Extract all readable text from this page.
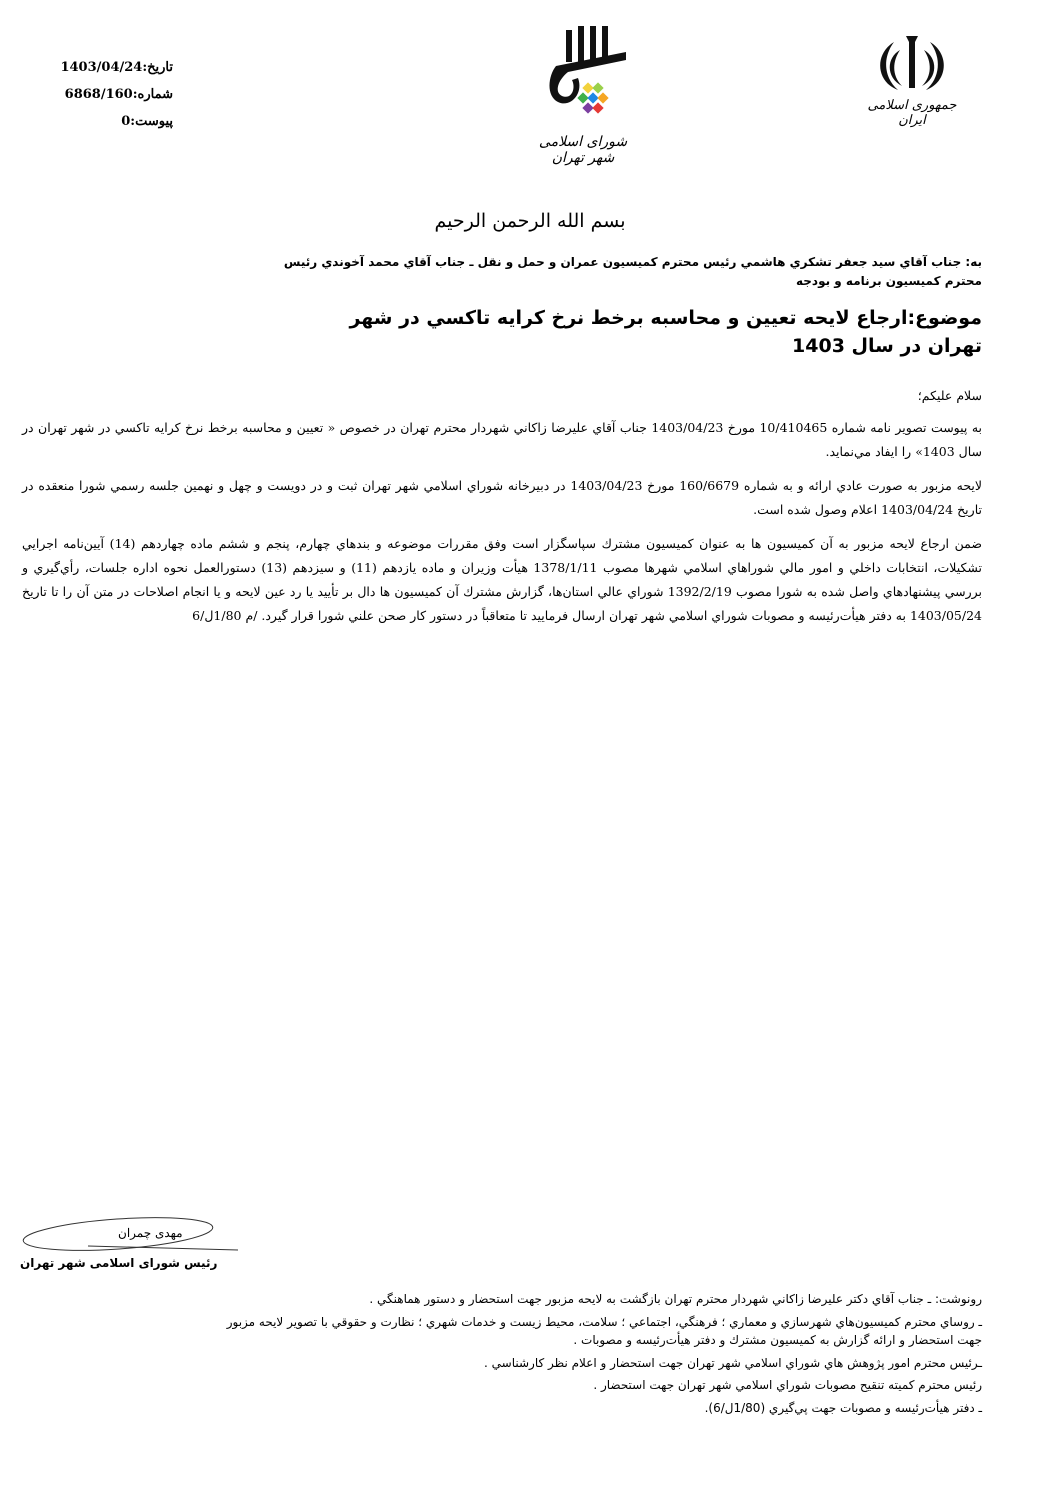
تاریخ:1403/04/24
شماره:6868/160
پیوست:0
شورای اسلامی شهر تهران
جمهوری اسلامی ایران
بسم الله الرحمن الرحيم
به: جناب آقاي سيد جعفر تشكري هاشمي رئيس محترم كميسيون عمران و حمل و نقل ـ جناب آقاي محمد آخوندي رئيس محترم كميسيون برنامه و بودجه
موضوع:ارجاع لايحه تعيين و محاسبه برخط نرخ كرايه تاكسي در شهر تهران در سال 1403

سلام عليكم؛

به پيوست تصوير نامه شماره 10/410465 مورخ 1403/04/23 جناب آقاي عليرضا زاكاني شهردار محترم تهران در خصوص « تعيين و محاسبه برخط نرخ كرايه تاكسي در شهر تهران در سال 1403» را ايفاد مي‌نمايد.

لايحه مزبور به صورت عادي ارائه و به شماره 160/6679 مورخ 1403/04/23 در دبيرخانه شوراي اسلامي شهر تهران ثبت و در دويست و چهل و نهمين جلسه رسمي شورا منعقده در تاريخ 1403/04/24 اعلام وصول شده است.

ضمن ارجاع لايحه مزبور به آن كميسيون ها به عنوان كميسيون مشترك سپاسگزار است وفق مقررات موضوعه و بندهاي چهارم، پنجم و ششم ماده چهاردهم (14) آيين‌نامه اجرايي تشكيلات، انتخابات داخلي و امور مالي شوراهاي اسلامي شهرها مصوب 1378/1/11 هيأت وزيران و ماده يازدهم (11) و سيزدهم (13) دستورالعمل نحوه اداره جلسات، رأي‌گيري و بررسي پيشنهادهاي واصل شده به شورا مصوب 1392/2/19 شوراي عالي استان‌ها، گزارش مشترك آن كميسيون ها دال بر تأييد يا رد عين لايحه و يا انجام اصلاحات در متن آن را تا تاريخ 1403/05/24 به دفتر هيأت‌رئيسه و مصوبات شوراي اسلامي شهر تهران ارسال فرماييد تا متعاقباً در دستور كار صحن علني شورا قرار گيرد. /م 1/80ل/6

مهدی چمران
رئیس شورای اسلامی شهر تهران
رونوشت: ـ جناب آقاي دكتر عليرضا زاكاني شهردار محترم تهران بازگشت به لايحه مزبور جهت استحضار و دستور هماهنگي .
ـ روساي محترم كميسيون‌هاي شهرسازي و معماري ؛ فرهنگي، اجتماعي ؛ سلامت، محيط زيست و خدمات شهري ؛ نظارت و حقوقي با تصوير لايحه مزبور جهت استحضار و ارائه گزارش به كميسيون مشترك و دفتر هيأت‌رئيسه و مصوبات .
ـرئيس محترم امور پژوهش هاي شوراي اسلامي شهر تهران جهت استحضار و اعلام نظر كارشناسي .
رئيس محترم كميته تنقيح مصوبات شوراي اسلامي شهر تهران جهت استحضار .
ـ دفتر هيأت‌رئيسه و مصوبات جهت پي‌گيري (1/80ل/6).
